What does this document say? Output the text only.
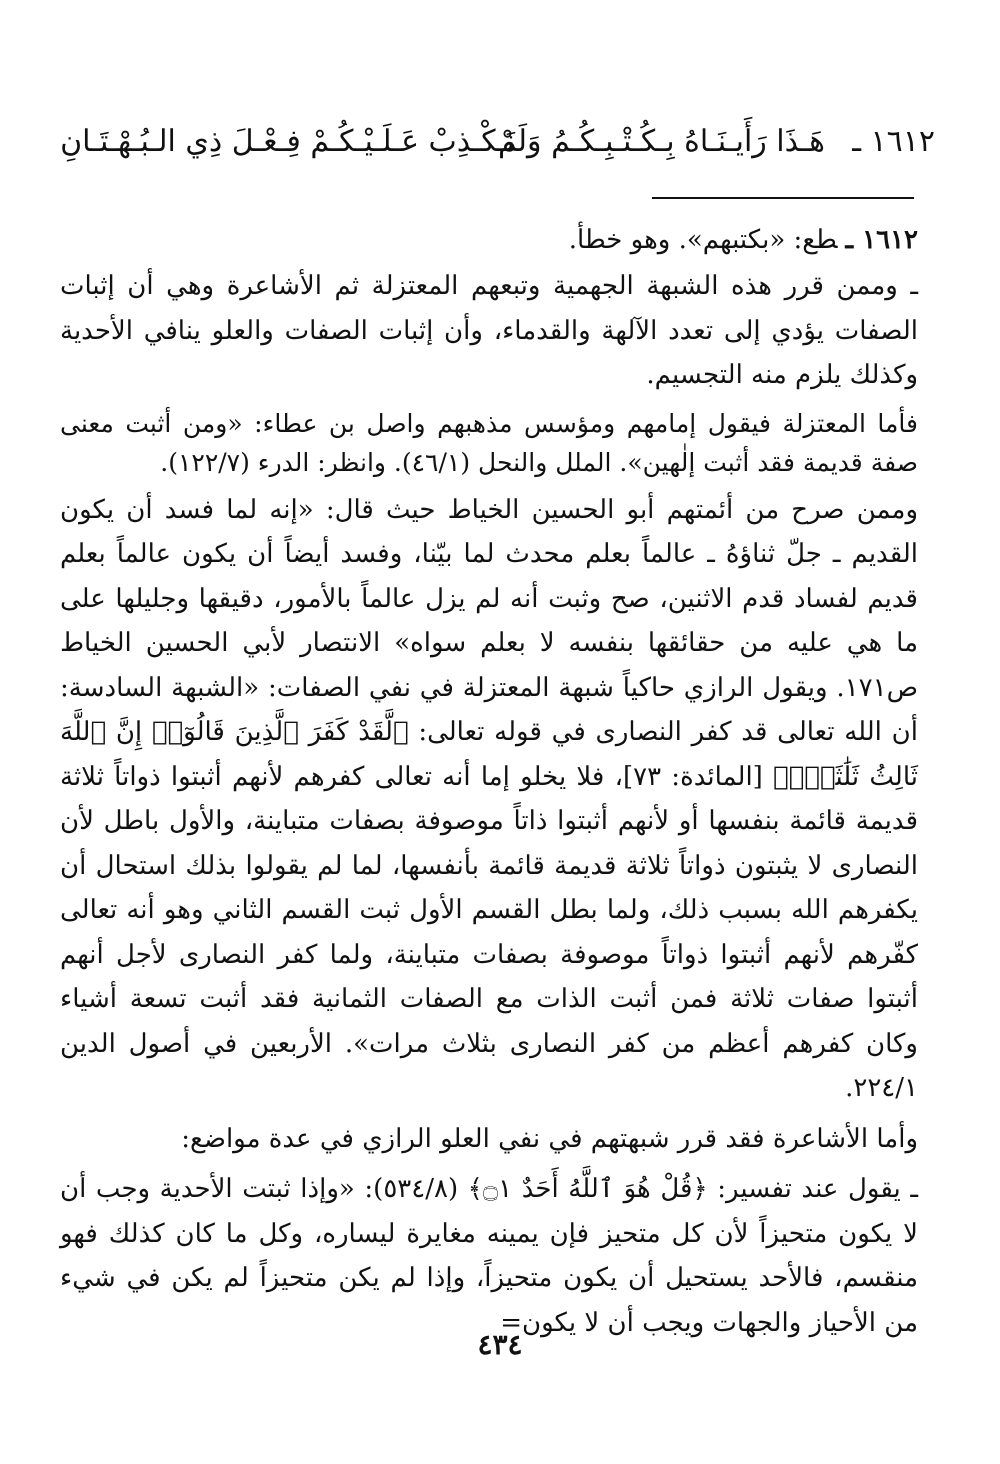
١٦١٢ ـ
هَـذَا رَأَيـنَـاهُ بِـكُـتْـبِـكُـمُ وَلَمْ
نَـكْـذِبْ عَـلَـيْـكُـمْ فِـعْـلَ ذِي الـبُـهْـتَـانِ

١٦١٢ ـطع: «بكتبهم». وهو خطأ.

ـ وممن قرر هذه الشبهة الجهمية وتبعهم المعتزلة ثم الأشاعرة وهي أن إثبات الصفات يؤدي إلى تعدد الآلهة والقدماء، وأن إثبات الصفات والعلو ينافي الأحدية وكذلك يلزم منه التجسيم.

فأما المعتزلة فيقول إمامهم ومؤسس مذهبهم واصل بن عطاء: «ومن أثبت معنى صفة قديمة فقد أثبت إلٰهين». الملل والنحل (٤٦/١). وانظر: الدرء (١٢٢/٧).

وممن صرح من أئمتهم أبو الحسين الخياط حيث قال: «إنه لما فسد أن يكون القديم ـ جلّ ثناؤهُ ـ عالماً بعلم محدث لما بيّنا، وفسد أيضاً أن يكون عالماً بعلم قديم لفساد قدم الاثنين، صح وثبت أنه لم يزل عالماً بالأمور، دقيقها وجليلها على ما هي عليه من حقائقها بنفسه لا بعلم سواه» الانتصار لأبي الحسين الخياط ص١٧١. ويقول الرازي حاكياً شبهة المعتزلة في نفي الصفات: «الشبهة السادسة: أن الله تعالى قد كفر النصارى في قوله تعالى: ﴿لَّقَدْ كَفَرَ ٱلَّذِينَ قَالُوٓا۟ إِنَّ ٱللَّهَ ثَالِثُ ثَلَٰثَةٍۘ﴾ [المائدة: ٧٣]، فلا يخلو إما أنه تعالى كفرهم لأنهم أثبتوا ذواتاً ثلاثة قديمة قائمة بنفسها أو لأنهم أثبتوا ذاتاً موصوفة بصفات متباينة، والأول باطل لأن النصارى لا يثبتون ذواتاً ثلاثة قديمة قائمة بأنفسها، لما لم يقولوا بذلك استحال أن يكفرهم الله بسبب ذلك، ولما بطل القسم الأول ثبت القسم الثاني وهو أنه تعالى كفّرهم لأنهم أثبتوا ذواتاً موصوفة بصفات متباينة، ولما كفر النصارى لأجل أنهم أثبتوا صفات ثلاثة فمن أثبت الذات مع الصفات الثمانية فقد أثبت تسعة أشياء وكان كفرهم أعظم من كفر النصارى بثلاث مرات». الأربعين في أصول الدين ٢٢٤/١.

وأما الأشاعرة فقد قرر شبهتهم في نفي العلو الرازي في عدة مواضع:

ـ يقول عند تفسير: ﴿قُلْ هُوَ ٱللَّهُ أَحَدٌ ۝١﴾ (٥٣٤/٨): «وإذا ثبتت الأحدية وجب أن لا يكون متحيزاً لأن كل متحيز فإن يمينه مغايرة ليساره، وكل ما كان كذلك فهو منقسم، فالأحد يستحيل أن يكون متحيزاً، وإذا لم يكن متحيزاً لم يكن في شيء من الأحياز والجهات ويجب أن لا يكون=

٤٣٤
